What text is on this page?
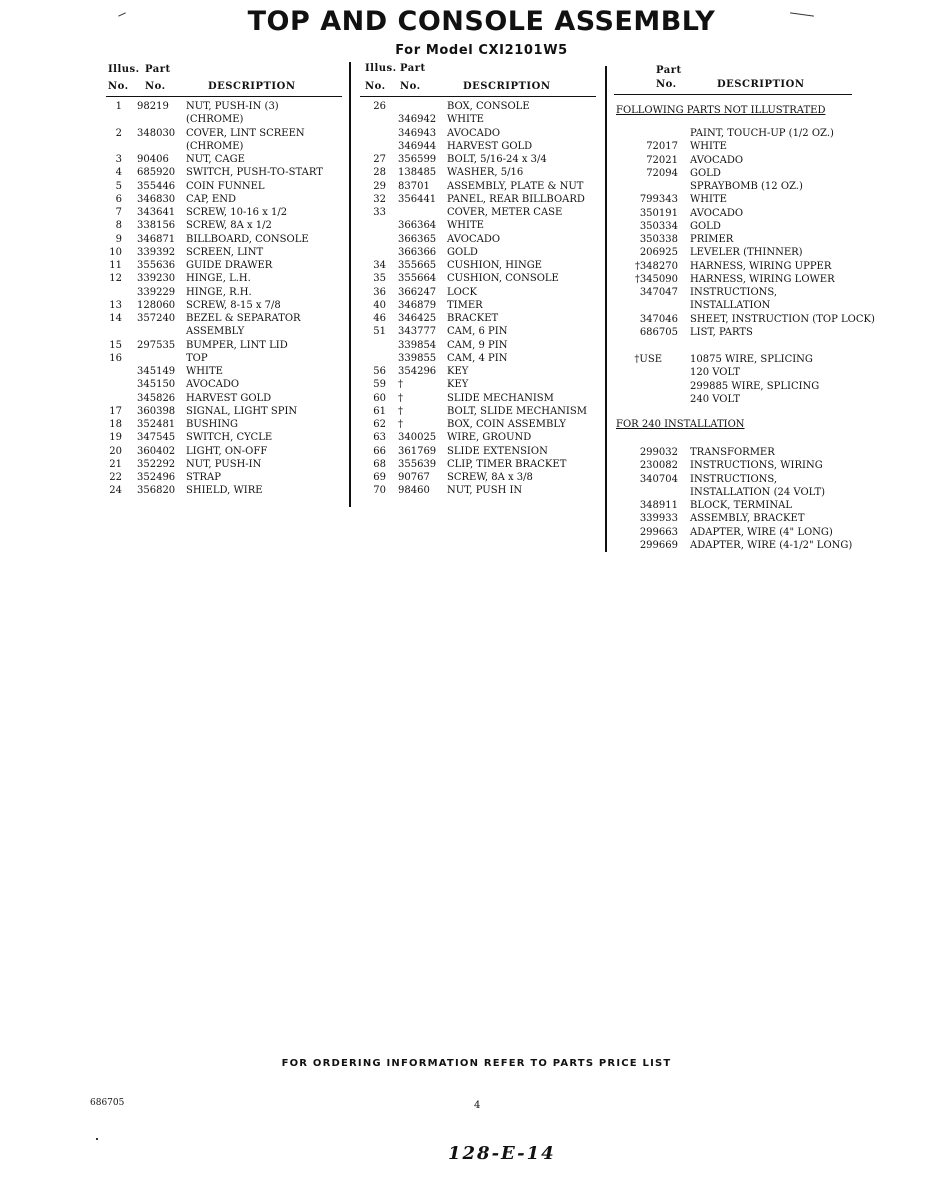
TOP AND CONSOLE ASSEMBLY
For Model CXI2101W5
Illus. Part
No. No.	DESCRIPTION
Illus. Part
No. No.	DESCRIPTION
Part
No.	DESCRIPTION
1 98219 NUT, PUSH-IN (3)
(CHROME)
2 348030 COVER, LINT SCREEN
(CHROME)
3 90406 NUT, CAGE
4 685920 SWITCH, PUSH-TO-START
5 355446 COIN FUNNEL
6 346830 CAP, END
7 343641 SCREW, 10-16 x 1/2
8 338156 SCREW, 8A x 1/2
9 346871 BILLBOARD, CONSOLE
10 339392 SCREEN, LINT
11 355636 GUIDE DRAWER
12 339230 HINGE, L.H.
339229 HINGE, R.H.
13 128060 SCREW, 8-15 x 7/8
14 357240 BEZEL & SEPARATOR
ASSEMBLY
15 297535 BUMPER, LINT LID
16	TOP
345149 WHITE
345150 AVOCADO
345826 HARVEST GOLD
17 360398 SIGNAL, LIGHT SPIN
18 352481 BUSHING
19 347545 SWITCH, CYCLE
20 360402 LIGHT, ON-OFF
21 352292 NUT, PUSH-IN
22 352496 STRAP
24 356820 SHIELD, WIRE
26	BOX, CONSOLE
346942 WHITE
346943 AVOCADO
346944 HARVEST GOLD
27 356599 BOLT, 5/16-24 x 3/4
28 138485 WASHER, 5/16
29 83701 ASSEMBLY, PLATE & NUT
32 356441 PANEL, REAR BILLBOARD
33	COVER, METER CASE
366364 WHITE
366365 AVOCADO
366366 GOLD
34 355665 CUSHION, HINGE
35 355664 CUSHION, CONSOLE
36 366247 LOCK
40 346879 TIMER
46 346425 BRACKET
51 343777 CAM, 6 PIN
339854 CAM, 9 PIN
339855 CAM, 4 PIN
56 354296 KEY
59 †	KEY
60 †	SLIDE MECHANISM
61 †	BOLT, SLIDE MECHANISM
62 †	BOX, COIN ASSEMBLY
63 340025 WIRE, GROUND
66 361769 SLIDE EXTENSION
68 355639 CLIP, TIMER BRACKET
69 90767 SCREW, 8A x 3/8
70 98460 NUT, PUSH IN
FOLLOWING PARTS NOT ILLUSTRATED
PAINT, TOUCH-UP (1/2 OZ.)
72017 WHITE
72021 AVOCADO
72094 GOLD
SPRAYBOMB (12 OZ.)
799343 WHITE
350191 AVOCADO
350334 GOLD
350338 PRIMER
206925 LEVELER (THINNER)
†348270 HARNESS, WIRING UPPER
†345090 HARNESS, WIRING LOWER
347047 INSTRUCTIONS,
INSTALLATION
347046 SHEET, INSTRUCTION (TOP LOCK)
686705 LIST, PARTS
†USE	10875 WIRE, SPLICING
120 VOLT
299885 WIRE, SPLICING
240 VOLT
FOR 240 INSTALLATION
299032 TRANSFORMER
230082 INSTRUCTIONS, WIRING
340704 INSTRUCTIONS,
INSTALLATION (24 VOLT)
348911 BLOCK, TERMINAL
339933 ASSEMBLY, BRACKET
299663 ADAPTER, WIRE (4" LONG)
299669 ADAPTER, WIRE (4-1/2" LONG)
FOR ORDERING INFORMATION REFER TO PARTS PRICE LIST
686705	4
128-E-14
